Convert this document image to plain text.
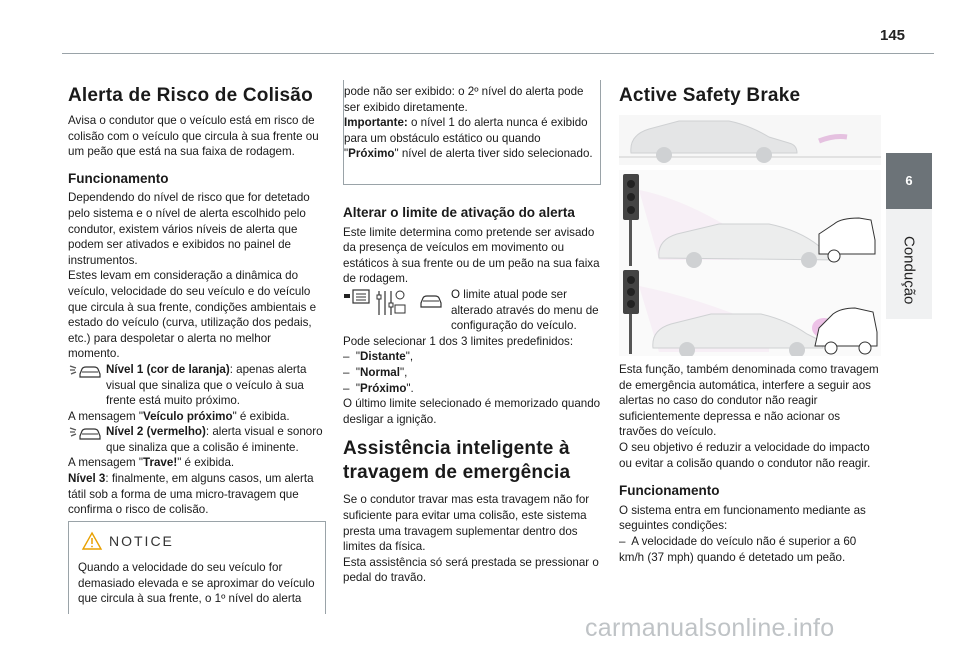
145
6
Condução
Alerta de Risco de Colisão

Avisa o condutor que o veículo está em risco de colisão com o veículo que circula à sua frente ou um peão que está na sua faixa de rodagem.

Funcionamento

Dependendo do nível de risco que for detetado pelo sistema e o nível de alerta escolhido pelo condutor, existem vários níveis de alerta que podem ser ativados e exibidos no painel de instrumentos.

Estes levam em consideração a dinâmica do veículo, velocidade do seu veículo e do veículo que circula à sua frente, condições ambientais e estado do veículo (curva, utilização dos pedais, etc.) para despoletar o alerta no melhor momento.

Nível 1 (cor de laranja): apenas alerta visual que sinaliza que o veículo à sua frente está muito próximo.

A mensagem "Veículo próximo" é exibida.

Nível 2 (vermelho): alerta visual e sonoro que sinaliza que a colisão é iminente.

A mensagem "Trave!" é exibida.

Nível 3: finalmente, em alguns casos, um alerta tátil sob a forma de uma micro-travagem que confirma o risco de colisão.

NOTICE

Quando a velocidade do seu veículo for demasiado elevada e se aproximar do veículo que circula à sua frente, o 1º nível do alerta

pode não ser exibido: o 2º nível do alerta pode ser exibido diretamente.

Importante: o nível 1 do alerta nunca é exibido para um obstáculo estático ou quando "Próximo" nível de alerta tiver sido selecionado.

Alterar o limite de ativação do alerta

Este limite determina como pretende ser avisado da presença de veículos em movimento ou estáticos à sua frente ou de um peão na sua faixa de rodagem.

O limite atual pode ser alterado através do menu de configuração do veículo.

Pode selecionar 1 dos 3 limites predefinidos:

–  "Distante",

–  "Normal",

–  "Próximo".

O último limite selecionado é memorizado quando desligar a ignição.

Assistência inteligente à
travagem de emergência

Se o condutor travar mas esta travagem não for suficiente para evitar uma colisão, este sistema presta uma travagem suplementar dentro dos limites da física.

Esta assistência só será prestada se pressionar o pedal do travão.

Active Safety Brake

Esta função, também denominada como travagem de emergência automática, interfere a seguir aos alertas no caso do condutor não reagir suficientemente depressa e não acionar os travões do veículo.

O seu objetivo é reduzir a velocidade do impacto ou evitar a colisão quando o condutor não reagir.

Funcionamento

O sistema entra em funcionamento mediante as seguintes condições:

–  A velocidade do veículo não é superior a 60 km/h (37 mph) quando é detetado um peão.

carmanualsonline.info
